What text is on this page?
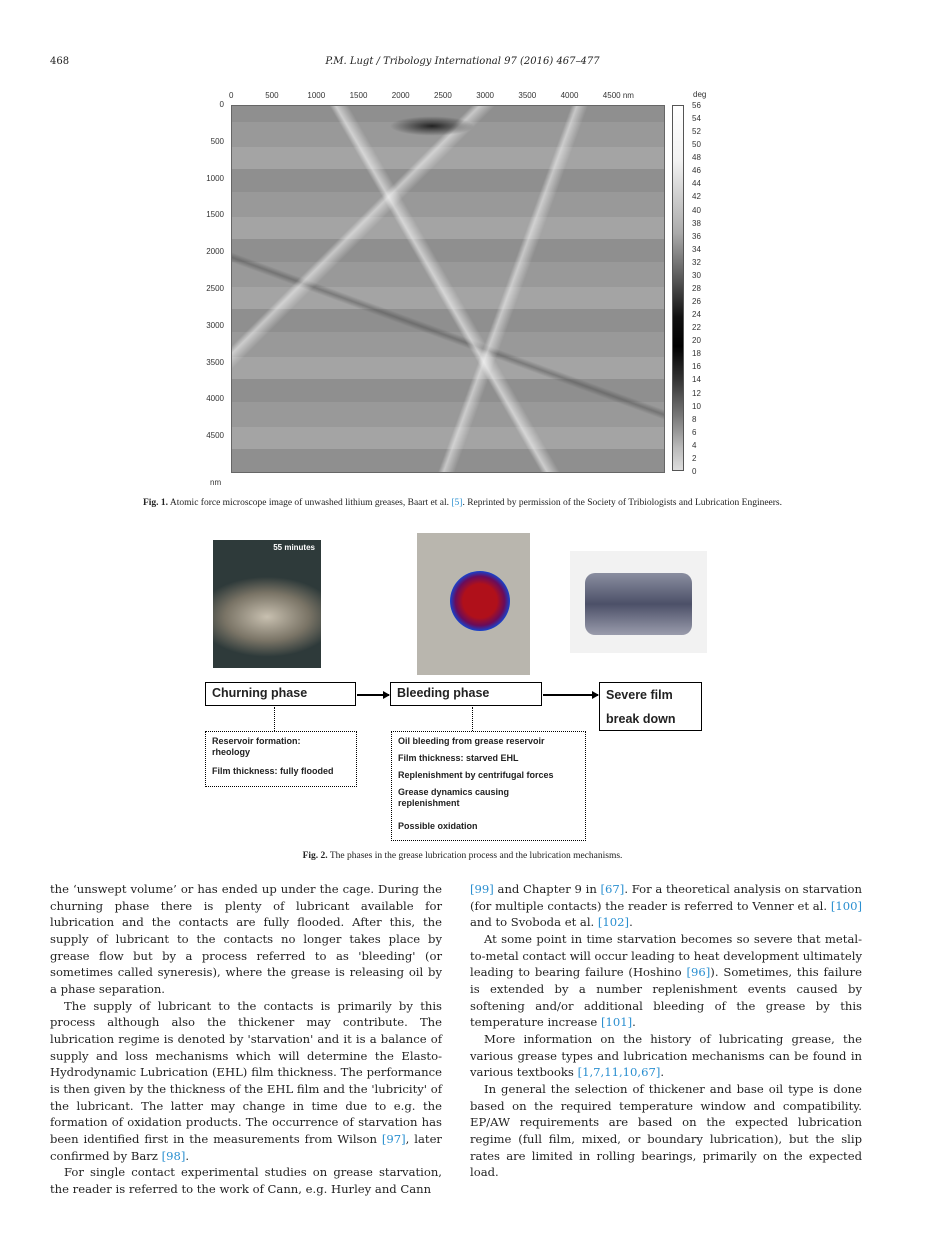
468	P.M. Lugt / Tribology International 97 (2016) 467–477
0	500	1000	1500	2000	2500	3000	3500	4000	4500 nm
0
500
1000
1500
2000
2500
3000
3500
4000
4500
nm
deg
56
54
52
50
48
46
44
42
40
38
36
34
32
30
28
26
24
22
20
18
16
14
12
10
8
6
4
2
0
Fig. 1. Atomic force microscope image of unwashed lithium greases, Baart et al. [5]. Reprinted by permission of the Society of Tribiologists and Lubrication Engineers.
55 minutes
Churning phase	Bleeding phase	Severe film
break down
Reservoir formation: rheology
Film thickness: fully flooded
Oil bleeding from grease reservoir
Film thickness: starved EHL
Replenishment by centrifugal forces
Grease dynamics causing replenishment
Possible oxidation
Fig. 2. The phases in the grease lubrication process and the lubrication mechanisms.

the ‘unswept volume’ or has ended up under the cage. During the churning phase there is plenty of lubricant available for lubrication and the contacts are fully flooded. After this, the supply of lubricant to the contacts no longer takes place by grease flow but by a process referred to as 'bleeding' (or sometimes called syneresis), where the grease is releasing oil by a phase separation.

The supply of lubricant to the contacts is primarily by this process although also the thickener may contribute. The lubrication regime is denoted by 'starvation' and it is a balance of supply and loss mechanisms which will determine the Elasto-Hydrodynamic Lubrication (EHL) film thickness. The performance is then given by the thickness of the EHL film and the 'lubricity' of the lubricant. The latter may change in time due to e.g. the formation of oxidation products. The occurrence of starvation has been identified first in the measurements from Wilson [97], later confirmed by Barz [98].

For single contact experimental studies on grease starvation, the reader is referred to the work of Cann, e.g. Hurley and Cann

[99] and Chapter 9 in [67]. For a theoretical analysis on starvation (for multiple contacts) the reader is referred to Venner et al. [100] and to Svoboda et al. [102].

At some point in time starvation becomes so severe that metal-to-metal contact will occur leading to heat development ultimately leading to bearing failure (Hoshino [96]). Sometimes, this failure is extended by a number replenishment events caused by softening and/or additional bleeding of the grease by this temperature increase [101].

More information on the history of lubricating grease, the various grease types and lubrication mechanisms can be found in various textbooks [1,7,11,10,67].

In general the selection of thickener and base oil type is done based on the required temperature window and compatibility. EP/AW requirements are based on the expected lubrication regime (full film, mixed, or boundary lubrication), but the slip rates are limited in rolling bearings, primarily on the expected load.
